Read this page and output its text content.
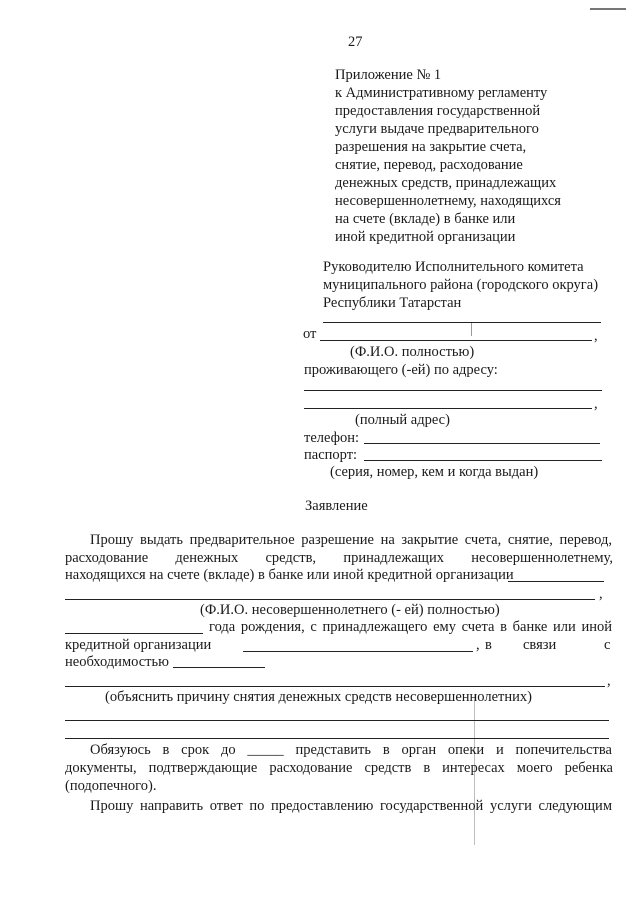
27
Приложение № 1
к Административному регламенту
предоставления государственной
услуги выдаче предварительного
разрешения на закрытие счета,
снятие, перевод, расходование
денежных средств, принадлежащих
несовершеннолетнему, находящихся
на счете (вкладе) в банке или
иной кредитной организации
Руководителю Исполнительного комитета
муниципального района (городского округа)
Республики Татарстан
от	,
(Ф.И.О. полностью)
проживающего (-ей) по адресу:
,
(полный адрес)
телефон:
паспорт:
(серия, номер, кем и когда выдан)
Заявление
Прошу выдать предварительное разрешение на закрытие счета, снятие, перевод,
расходование денежных средств, принадлежащих несовершеннолетнему,
находящихся на счете (вкладе) в банке или иной кредитной организации
,
(Ф.И.О. несовершеннолетнего (- ей) полностью)
года рождения, с принадлежащего ему счета в банке или иной
кредитной организации	, в связи	с
необходимостью
,
(объяснить причину снятия денежных средств несовершеннолетних)
Обязуюсь в срок до _____ представить в орган опеки и попечительства
документы, подтверждающие расходование средств в интересах моего ребенка
(подопечного).
Прошу направить ответ по предоставлению государственной услуги следующим
